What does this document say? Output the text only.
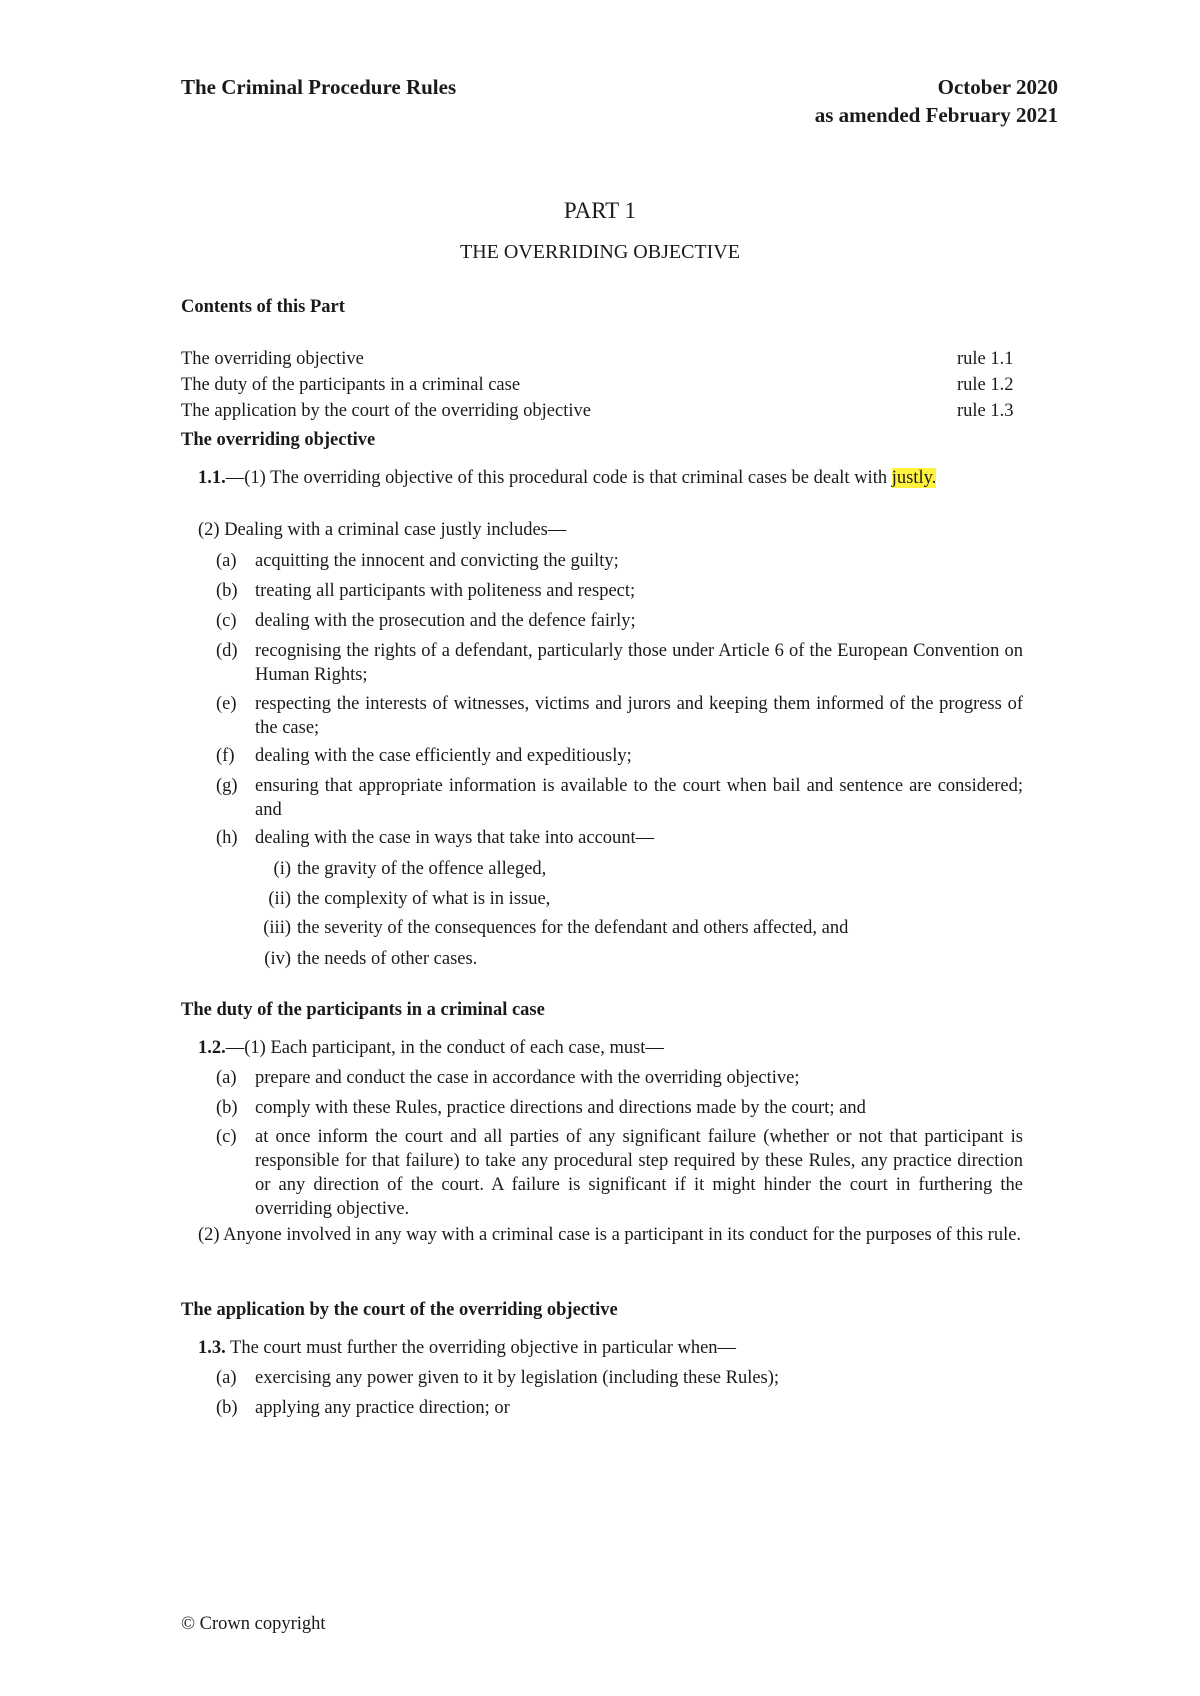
The Criminal Procedure Rules	October 2020
as amended February 2021
PART 1
THE OVERRIDING OBJECTIVE
Contents of this Part
The overriding objective	rule 1.1
The duty of the participants in a criminal case	rule 1.2
The application by the court of the overriding objective	rule 1.3
The overriding objective
1.1.—(1) The overriding objective of this procedural code is that criminal cases be dealt with justly.
(2) Dealing with a criminal case justly includes—
(a) acquitting the innocent and convicting the guilty;
(b) treating all participants with politeness and respect;
(c) dealing with the prosecution and the defence fairly;
(d) recognising the rights of a defendant, particularly those under Article 6 of the European Convention on Human Rights;
(e) respecting the interests of witnesses, victims and jurors and keeping them informed of the progress of the case;
(f)	dealing with the case efficiently and expeditiously;
(g) ensuring that appropriate information is available to the court when bail and sentence are considered; and
(h) dealing with the case in ways that take into account—
(i) the gravity of the offence alleged,
(ii) the complexity of what is in issue,
(iii) the severity of the consequences for the defendant and others affected, and
(iv) the needs of other cases.
The duty of the participants in a criminal case
1.2.—(1) Each participant, in the conduct of each case, must—
(a) prepare and conduct the case in accordance with the overriding objective;
(b) comply with these Rules, practice directions and directions made by the court; and
(c) at once inform the court and all parties of any significant failure (whether or not that participant is responsible for that failure) to take any procedural step required by these Rules, any practice direction or any direction of the court. A failure is significant if it might hinder the court in furthering the overriding objective.
(2) Anyone involved in any way with a criminal case is a participant in its conduct for the purposes of this rule.
The application by the court of the overriding objective
1.3. The court must further the overriding objective in particular when—
(a) exercising any power given to it by legislation (including these Rules);
(b) applying any practice direction; or
© Crown copyright
